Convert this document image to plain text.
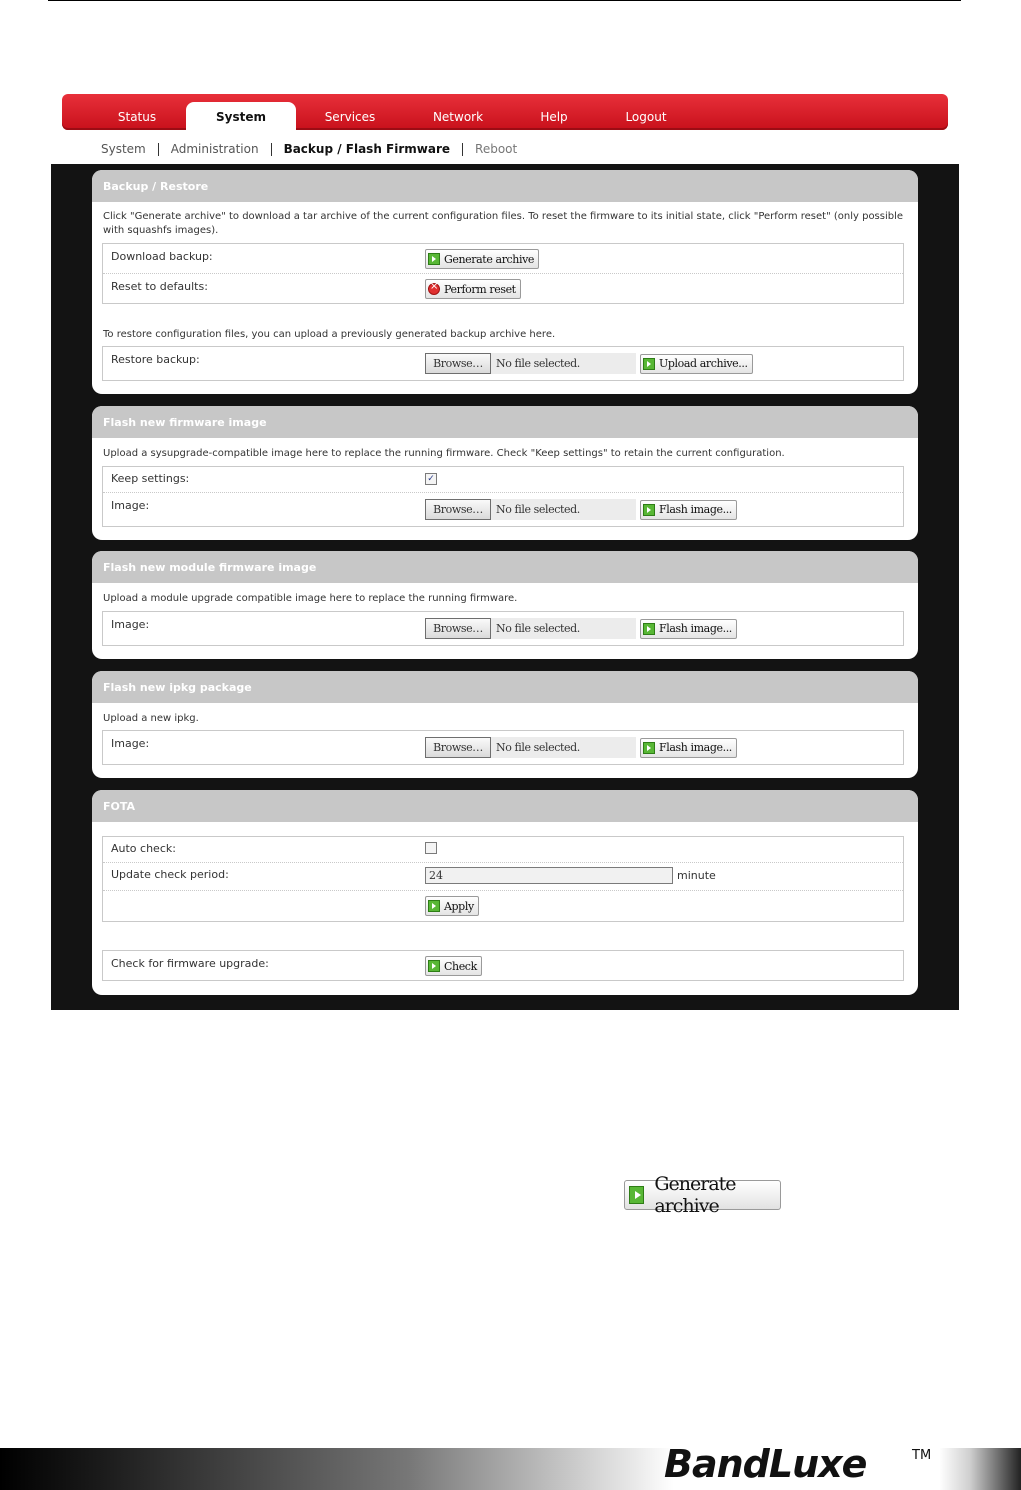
Status	System	Services	Network	Help	Logout
System Administration Backup / Flash Firmware Reboot
Backup / Restore
Click "Generate archive" to download a tar archive of the current configuration files. To reset the firmware to its initial state, click "Perform reset" (only possible with squashfs images).
Download backup:	Generate archive
Reset to defaults:
×	Perform reset
To restore configuration files, you can upload a previously generated backup archive here.
Restore backup:	Browse…	No file selected.	Upload archive...
Flash new firmware image
Upload a sysupgrade-compatible image here to replace the running firmware. Check "Keep settings" to retain the current configuration.
Keep settings:	✓
Image:	Browse…	No file selected.	Flash image...
Flash new module firmware image
Upload a module upgrade compatible image here to replace the running firmware.
Image:	Browse…	No file selected.	Flash image...
Flash new ipkg package
Upload a new ipkg.
Image:	Browse…	No file selected.	Flash image...
FOTA
Auto check:
Update check period:	24	minute
Apply
Check for firmware upgrade:	Check
Generate archive
BandLuxe	TM
